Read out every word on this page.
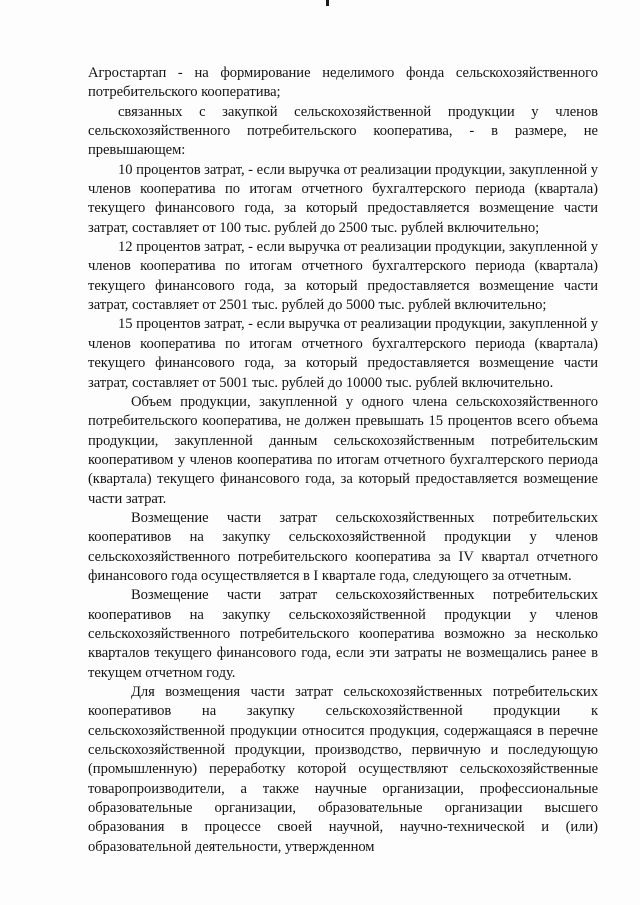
Агростартап - на формирование неделимого фонда сельскохозяйственного потребительского кооператива;

связанных с закупкой сельскохозяйственной продукции у членов сельскохозяйственного потребительского кооператива, - в размере, не превышающем:

10 процентов затрат, - если выручка от реализации продукции, закупленной у членов кооператива по итогам отчетного бухгалтерского периода (квартала) текущего финансового года, за который предоставляется возмещение части затрат, составляет от 100 тыс. рублей до 2500 тыс. рублей включительно;

12 процентов затрат, - если выручка от реализации продукции, закупленной у членов кооператива по итогам отчетного бухгалтерского периода (квартала) текущего финансового года, за который предоставляется возмещение части затрат, составляет от 2501 тыс. рублей до 5000 тыс. рублей включительно;

15 процентов затрат, - если выручка от реализации продукции, закупленной у членов кооператива по итогам отчетного бухгалтерского периода (квартала) текущего финансового года, за который предоставляется возмещение части затрат, составляет от 5001 тыс. рублей до 10000 тыс. рублей включительно.

Объем продукции, закупленной у одного члена сельскохозяйственного потребительского кооператива, не должен превышать 15 процентов всего объема продукции, закупленной данным сельскохозяйственным потребительским кооперативом у членов кооператива по итогам отчетного бухгалтерского периода (квартала) текущего финансового года, за который предоставляется возмещение части затрат.

Возмещение части затрат сельскохозяйственных потребительских кооперативов на закупку сельскохозяйственной продукции у членов сельскохозяйственного потребительского кооператива за IV квартал отчетного финансового года осуществляется в I квартале года, следующего за отчетным.

Возмещение части затрат сельскохозяйственных потребительских кооперативов на закупку сельскохозяйственной продукции у членов сельскохозяйственного потребительского кооператива возможно за несколько кварталов текущего финансового года, если эти затраты не возмещались ранее в текущем отчетном году.

Для возмещения части затрат сельскохозяйственных потребительских кооперативов на закупку сельскохозяйственной продукции к сельскохозяйственной продукции относится продукция, содержащаяся в перечне сельскохозяйственной продукции, производство, первичную и последующую (промышленную) переработку которой осуществляют сельскохозяйственные товаропроизводители, а также научные организации, профессиональные образовательные организации, образовательные организации высшего образования в процессе своей научной, научно-технической и (или) образовательной деятельности, утвержденном
